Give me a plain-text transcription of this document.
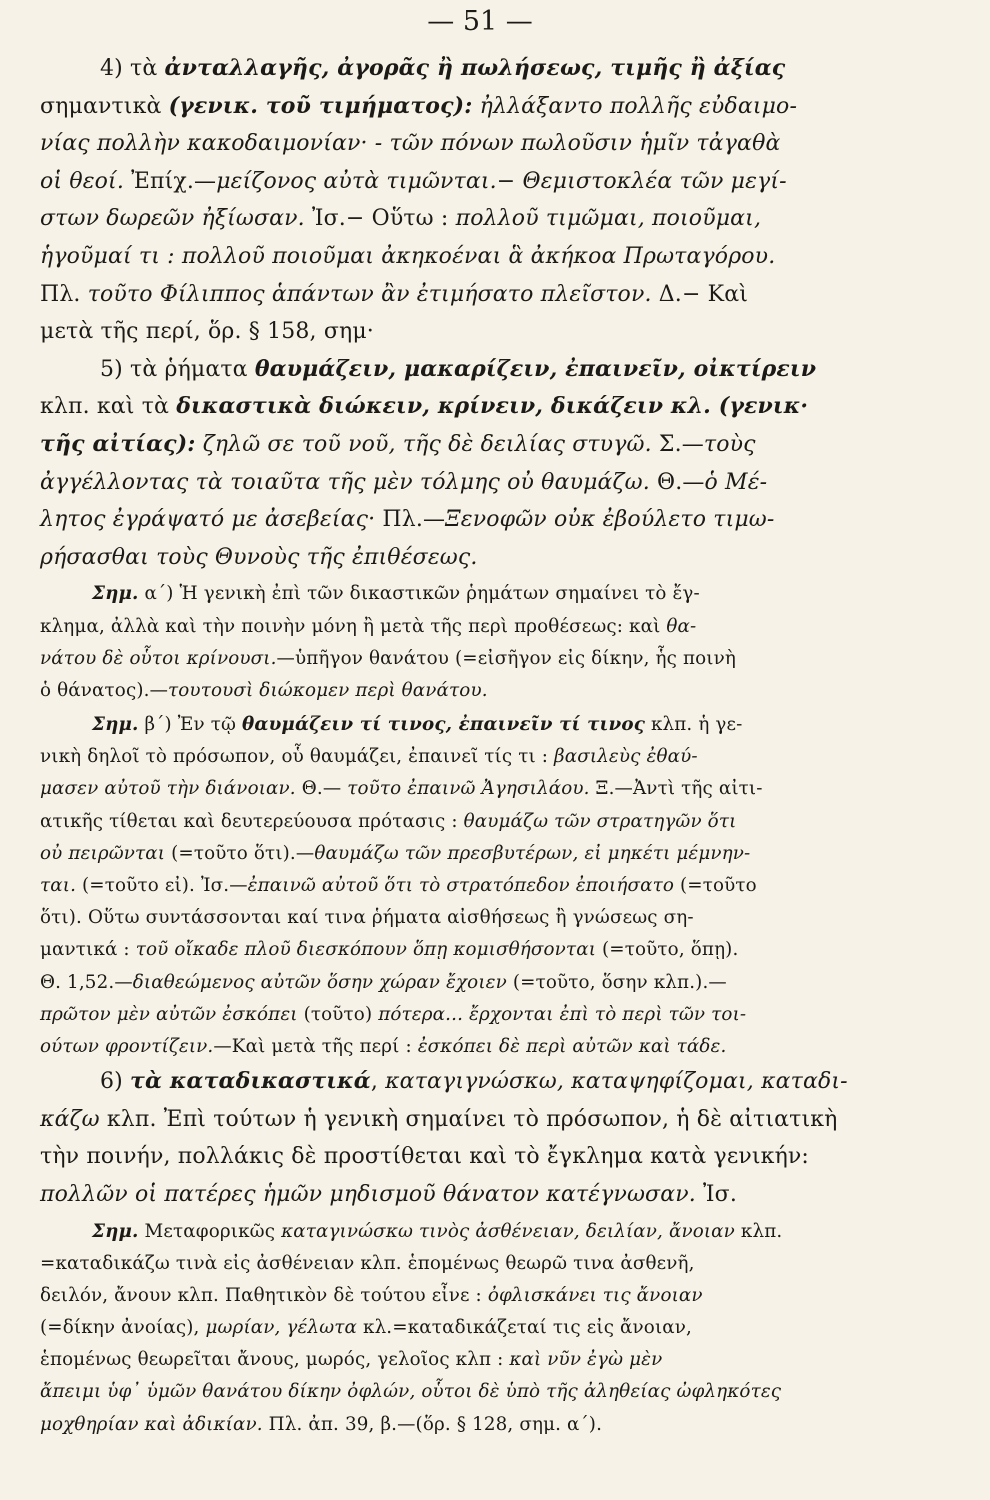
— 51 —
4) τὰ ἀνταλλαγῆς, ἀγορᾶς ἢ πωλήσεως, τιμῆς ἢ ἀξίας
σημαντικὰ (γενικ. τοῦ τιμήματος): ἠλλάξαντο πολλῆς εὐδαιμο-
νίας πολλὴν κακοδαιμονίαν· - τῶν πόνων πωλοῦσιν ἡμῖν τἀγαθὰ
οἱ θεοί. Ἐπίχ.—μείζονος αὐτὰ τιμῶνται.− Θεμιστοκλέα τῶν μεγί-
στων δωρεῶν ἠξίωσαν. Ἰσ.− Οὕτω : πολλοῦ τιμῶμαι, ποιοῦμαι,
ἡγοῦμαί τι : πολλοῦ ποιοῦμαι ἀκηκοέναι ἃ ἀκήκοα Πρωταγόρου.
Πλ. τοῦτο Φίλιππος ἁπάντων ἂν ἐτιμήσατο πλεῖστον. Δ.− Καὶ
μετὰ τῆς περί, ὅρ. § 158, σημ·
5) τὰ ῥήματα θαυμάζειν, μακαρίζειν, ἐπαινεῖν, οἰκτίρειν
κλπ. καὶ τὰ δικαστικὰ διώκειν, κρίνειν, δικάζειν κλ. (γενικ·
τῆς αἰτίας): ζηλῶ σε τοῦ νοῦ, τῆς δὲ δειλίας στυγῶ. Σ.—τοὺς
ἀγγέλλοντας τὰ τοιαῦτα τῆς μὲν τόλμης οὐ θαυμάζω. Θ.—ὁ Μέ-
λητος ἐγράψατό με ἀσεβείας· Πλ.—Ξενοφῶν οὐκ ἐβούλετο τιμω-
ρήσασθαι τοὺς Θυνοὺς τῆς ἐπιθέσεως.
Σημ. α΄) Ἡ γενικὴ ἐπὶ τῶν δικαστικῶν ῥημάτων σημαίνει τὸ ἔγ-
κλημα, ἀλλὰ καὶ τὴν ποινὴν μόνη ἢ μετὰ τῆς περὶ προθέσεως: καὶ θα-
νάτου δὲ οὗτοι κρίνουσι.—ὑπῆγον θανάτου (=εἰσῆγον εἰς δίκην, ἧς ποινὴ
ὁ θάνατος).—τουτουσὶ διώκομεν περὶ θανάτου.
Σημ. β΄) Ἐν τῷ θαυμάζειν τί τινος, ἐπαινεῖν τί τινος κλπ. ἡ γε-
νικὴ δηλοῖ τὸ πρόσωπον, οὗ θαυμάζει, ἐπαινεῖ τίς τι : βασιλεὺς ἐθαύ-
μασεν αὐτοῦ τὴν διάνοιαν. Θ.— τοῦτο ἐπαινῶ Ἀγησιλάου. Ξ.—Ἀντὶ τῆς αἰτι-
ατικῆς τίθεται καὶ δευτερεύουσα πρότασις : θαυμάζω τῶν στρατηγῶν ὅτι
οὐ πειρῶνται (=τοῦτο ὅτι).—θαυμάζω τῶν πρεσβυτέρων, εἰ μηκέτι μέμνην-
ται. (=τοῦτο εἰ). Ἰσ.—ἐπαινῶ αὐτοῦ ὅτι τὸ στρατόπεδον ἐποιήσατο (=τοῦτο
ὅτι). Οὕτω συντάσσονται καί τινα ῥήματα αἰσθήσεως ἢ γνώσεως ση-
μαντικά : τοῦ οἴκαδε πλοῦ διεσκόπουν ὅπῃ κομισθήσονται (=τοῦτο, ὅπῃ).
Θ. 1,52.—διαθεώμενος αὐτῶν ὅσην χώραν ἔχοιεν (=τοῦτο, ὅσην κλπ.).—
πρῶτον μὲν αὐτῶν ἐσκόπει (τοῦτο) πότερα... ἔρχονται ἐπὶ τὸ περὶ τῶν τοι-
ούτων φροντίζειν.—Καὶ μετὰ τῆς περί : ἐσκόπει δὲ περὶ αὐτῶν καὶ τάδε.
6) τὰ καταδικαστικά, καταγιγνώσκω, καταψηφίζομαι, καταδι-
κάζω κλπ. Ἐπὶ τούτων ἡ γενικὴ σημαίνει τὸ πρόσωπον, ἡ δὲ αἰτιατικὴ
τὴν ποινήν, πολλάκις δὲ προστίθεται καὶ τὸ ἔγκλημα κατὰ γενικήν:
πολλῶν οἱ πατέρες ἡμῶν μηδισμοῦ θάνατον κατέγνωσαν. Ἰσ.
Σημ. Μεταφορικῶς καταγινώσκω τινὸς ἀσθένειαν, δειλίαν, ἄνοιαν κλπ.
=καταδικάζω τινὰ εἰς ἀσθένειαν κλπ. ἑπομένως θεωρῶ τινα ἀσθενῆ,
δειλόν, ἄνουν κλπ. Παθητικὸν δὲ τούτου εἶνε : ὀφλισκάνει τις ἄνοιαν
(=δίκην ἀνοίας), μωρίαν, γέλωτα κλ.=καταδικάζεταί τις εἰς ἄνοιαν,
ἑπομένως θεωρεῖται ἄνους, μωρός, γελοῖος κλπ : καὶ νῦν ἐγὼ μὲν
ἄπειμι ὑφ᾽ ὑμῶν θανάτου δίκην ὀφλών, οὗτοι δὲ ὑπὸ τῆς ἀληθείας ὠφληκότες
μοχθηρίαν καὶ ἀδικίαν. Πλ. ἀπ. 39, β.—(ὅρ. § 128, σημ. α΄).
